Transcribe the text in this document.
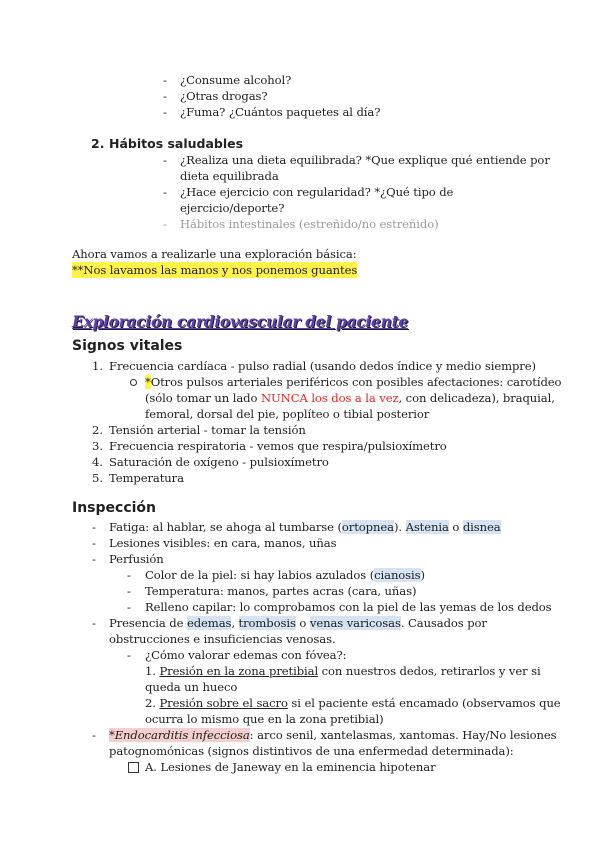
- ¿Consume alcohol?
- ¿Otras drogas?
- ¿Fuma? ¿Cuántos paquetes al día?
2. Hábitos saludables
- ¿Realiza una dieta equilibrada? *Que explique qué entiende por
dieta equilibrada
- ¿Hace ejercicio con regularidad? *¿Qué tipo de
ejercicio/deporte?
- Hábitos intestinales (estreñido/no estreñido)
Ahora vamos a realizarle una exploración básica:
**Nos lavamos las manos y nos ponemos guantes
Exploración cardiovascular del paciente
Signos vitales
1. Frecuencia cardíaca - pulso radial (usando dedos índice y medio siempre)
*Otros pulsos arteriales periféricos con posibles afectaciones: carotídeo
(sólo tomar un lado NUNCA los dos a la vez, con delicadeza), braquial,
femoral, dorsal del pie, poplíteo o tibial posterior
2. Tensión arterial - tomar la tensión
3. Frecuencia respiratoria - vemos que respira/pulsioxímetro
4. Saturación de oxígeno - pulsioxímetro
5. Temperatura
Inspección
- Fatiga: al hablar, se ahoga al tumbarse (ortopnea). Astenia o disnea
- Lesiones visibles: en cara, manos, uñas
- Perfusión
- Color de la piel: si hay labios azulados (cianosis)
- Temperatura: manos, partes acras (cara, uñas)
- Relleno capilar: lo comprobamos con la piel de las yemas de los dedos
- Presencia de edemas, trombosis o venas varicosas. Causados por
obstrucciones e insuficiencias venosas.
- ¿Cómo valorar edemas con fóvea?:
1. Presión en la zona pretibial con nuestros dedos, retirarlos y ver si
queda un hueco
2. Presión sobre el sacro si el paciente está encamado (observamos que
ocurra lo mismo que en la zona pretibial)
- *Endocarditis infecciosa: arco senil, xantelasmas, xantomas. Hay/No lesiones
patognomónicas (signos distintivos de una enfermedad determinada):
A. Lesiones de Janeway en la eminencia hipotenar
